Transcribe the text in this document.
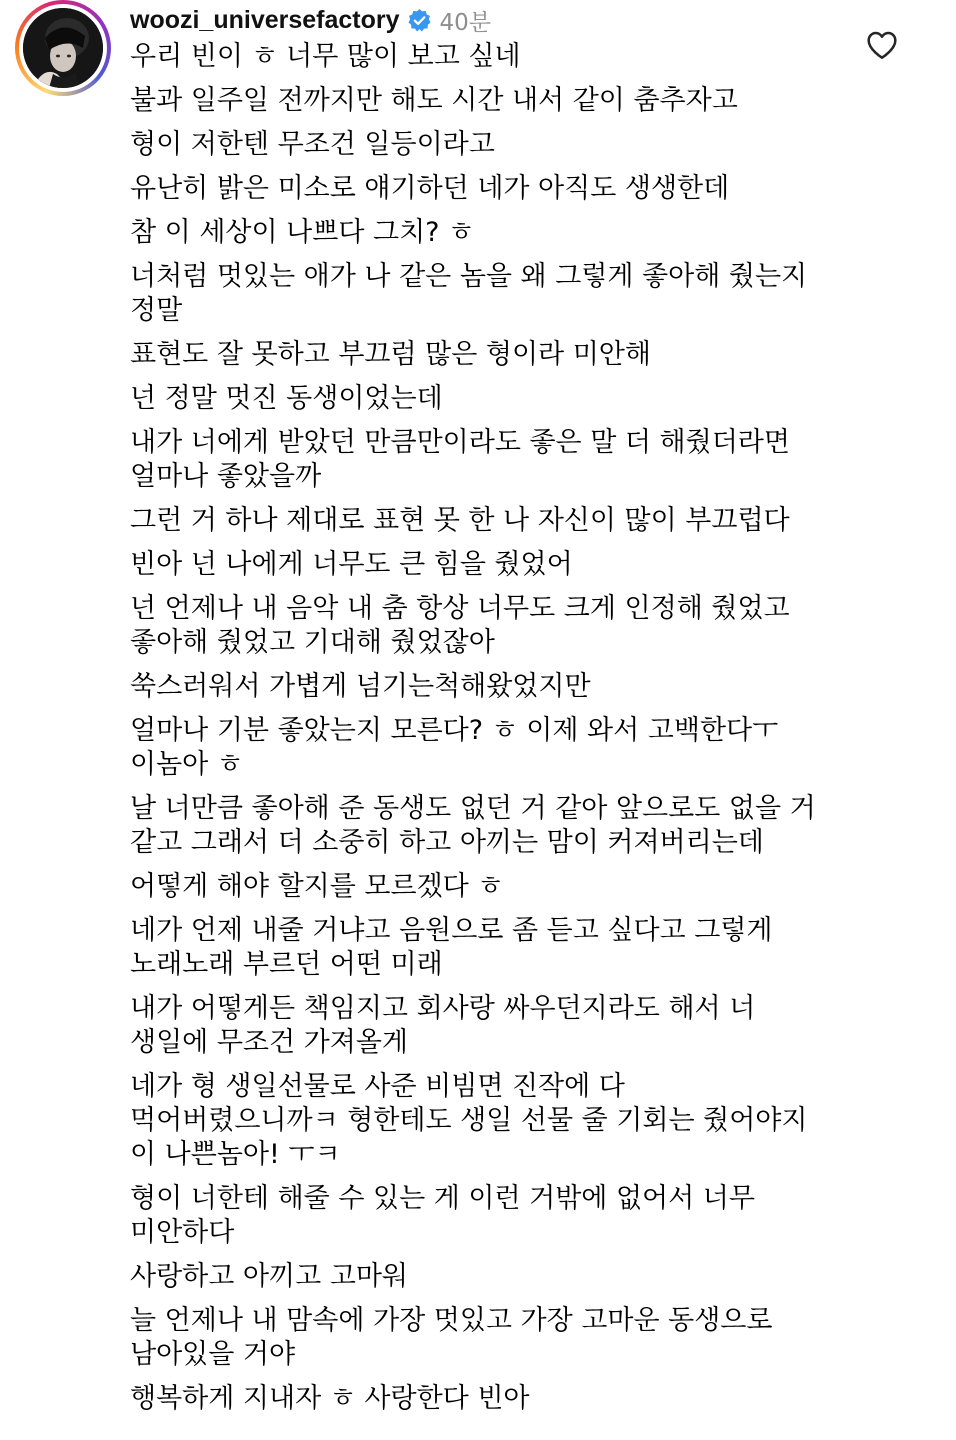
woozi_universefactory 40분
우리 빈이 ㅎ 너무 많이 보고 싶네
불과 일주일 전까지만 해도 시간 내서 같이 춤추자고
형이 저한텐 무조건 일등이라고
유난히 밝은 미소로 얘기하던 네가 아직도 생생한데
참 이 세상이 나쁘다 그치? ㅎ
너처럼 멋있는 애가 나 같은 놈을 왜 그렇게 좋아해 줬는지 정말
표현도 잘 못하고 부끄럼 많은 형이라 미안해
넌 정말 멋진 동생이었는데
내가 너에게 받았던 만큼만이라도 좋은 말 더 해줬더라면 얼마나 좋았을까
그런 거 하나 제대로 표현 못 한 나 자신이 많이 부끄럽다
빈아 넌 나에게 너무도 큰 힘을 줬었어
넌 언제나 내 음악 내 춤 항상 너무도 크게 인정해 줬었고 좋아해 줬었고 기대해 줬었잖아
쑥스러워서 가볍게 넘기는척해왔었지만
얼마나 기분 좋았는지 모른다? ㅎ 이제 와서 고백한다ㅜ 이놈아 ㅎ
날 너만큼 좋아해 준 동생도 없던 거 같아 앞으로도 없을 거 같고 그래서 더 소중히 하고 아끼는 맘이 커져버리는데
어떻게 해야 할지를 모르겠다 ㅎ
네가 언제 내줄 거냐고 음원으로 좀 듣고 싶다고 그렇게 노래노래 부르던 어떤 미래
내가 어떻게든 책임지고 회사랑 싸우던지라도 해서 너 생일에 무조건 가져올게
네가 형 생일선물로 사준 비빔면 진작에 다 먹어버렸으니까ㅋ 형한테도 생일 선물 줄 기회는 줬어야지 이 나쁜놈아! ㅜㅋ
형이 너한테 해줄 수 있는 게 이런 거밖에 없어서 너무 미안하다
사랑하고 아끼고 고마워
늘 언제나 내 맘속에 가장 멋있고 가장 고마운 동생으로 남아있을 거야
행복하게 지내자 ㅎ 사랑한다 빈아
